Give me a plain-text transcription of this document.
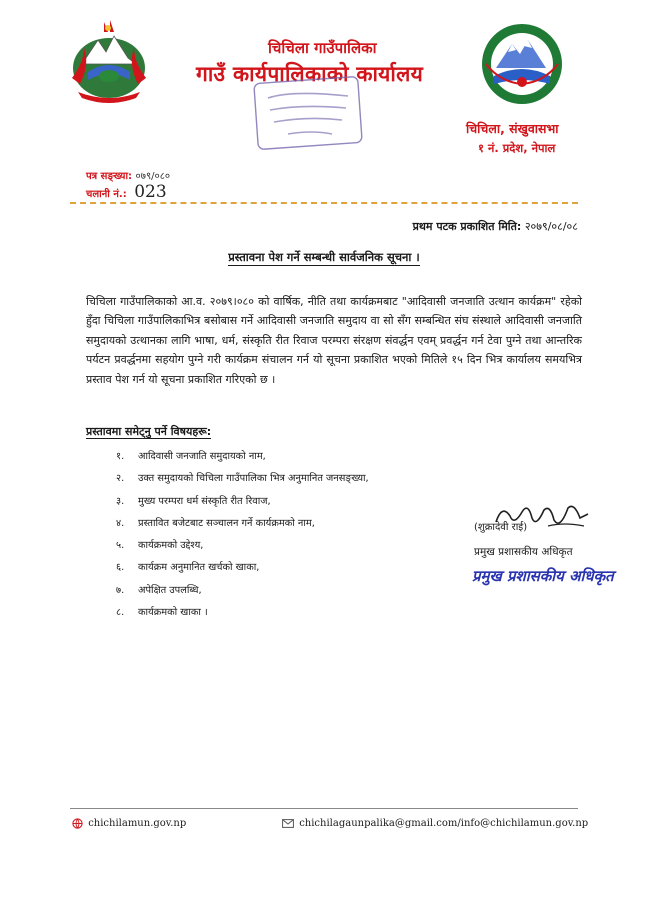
चिचिला गाउँपालिका
गाउँ कार्यपालिकाको कार्यालय
चिचिला, संखुवासभा
१ नं. प्रदेश, नेपाल
पत्र सङ्ख्या: ०७९/०८०
चलानी नं.: 023
प्रथम पटक प्रकाशित मिति: २०७९/०८/०८
प्रस्तावना पेश गर्ने सम्बन्धी सार्वजनिक सूचना ।
चिचिला गाउँपालिकाको आ.व. २०७९।०८० को वार्षिक, नीति तथा कार्यक्रमबाट "आदिवासी जनजाति उत्थान कार्यक्रम" रहेको हुँदा चिचिला गाउँपालिकाभित्र बसोबास गर्ने आदिवासी जनजाति समुदाय वा सो सँग सम्बन्धित संघ संस्थाले आदिवासी जनजाति समुदायको उत्थानका लागि भाषा, धर्म, संस्कृति रीत रिवाज परम्परा संरक्षण संवर्द्धन एवम् प्रवर्द्धन गर्न टेवा पुग्ने तथा आन्तरिक पर्यटन प्रवर्द्धनमा सहयोग पुग्ने गरी कार्यक्रम संचालन गर्न यो सूचना प्रकाशित भएको मितिले १५ दिन भित्र कार्यालय समयभित्र प्रस्ताव पेश गर्न यो सूचना प्रकाशित गरिएको छ ।
प्रस्तावमा समेट्नु पर्ने विषयहरू:
१. आदिवासी जनजाति समुदायको नाम,
२. उक्त समुदायको चिचिला गाउँपालिका भित्र अनुमानित जनसङ्ख्या,
३. मुख्य परम्परा धर्म संस्कृति रीत रिवाज,
४. प्रस्तावित बजेटबाट सञ्चालन गर्ने कार्यक्रमको नाम,
५. कार्यक्रमको उद्देश्य,
६. कार्यक्रम अनुमानित खर्चको खाका,
७. अपेक्षित उपलब्धि,
८. कार्यक्रमको खाका ।
(शुक्रादेवी राई)
प्रमुख प्रशासकीय अधिकृत
प्रमुख प्रशासकीय अधिकृत
chichilamun.gov.np	chichilagaunpalika@gmail.com/info@chichilamun.gov.np
